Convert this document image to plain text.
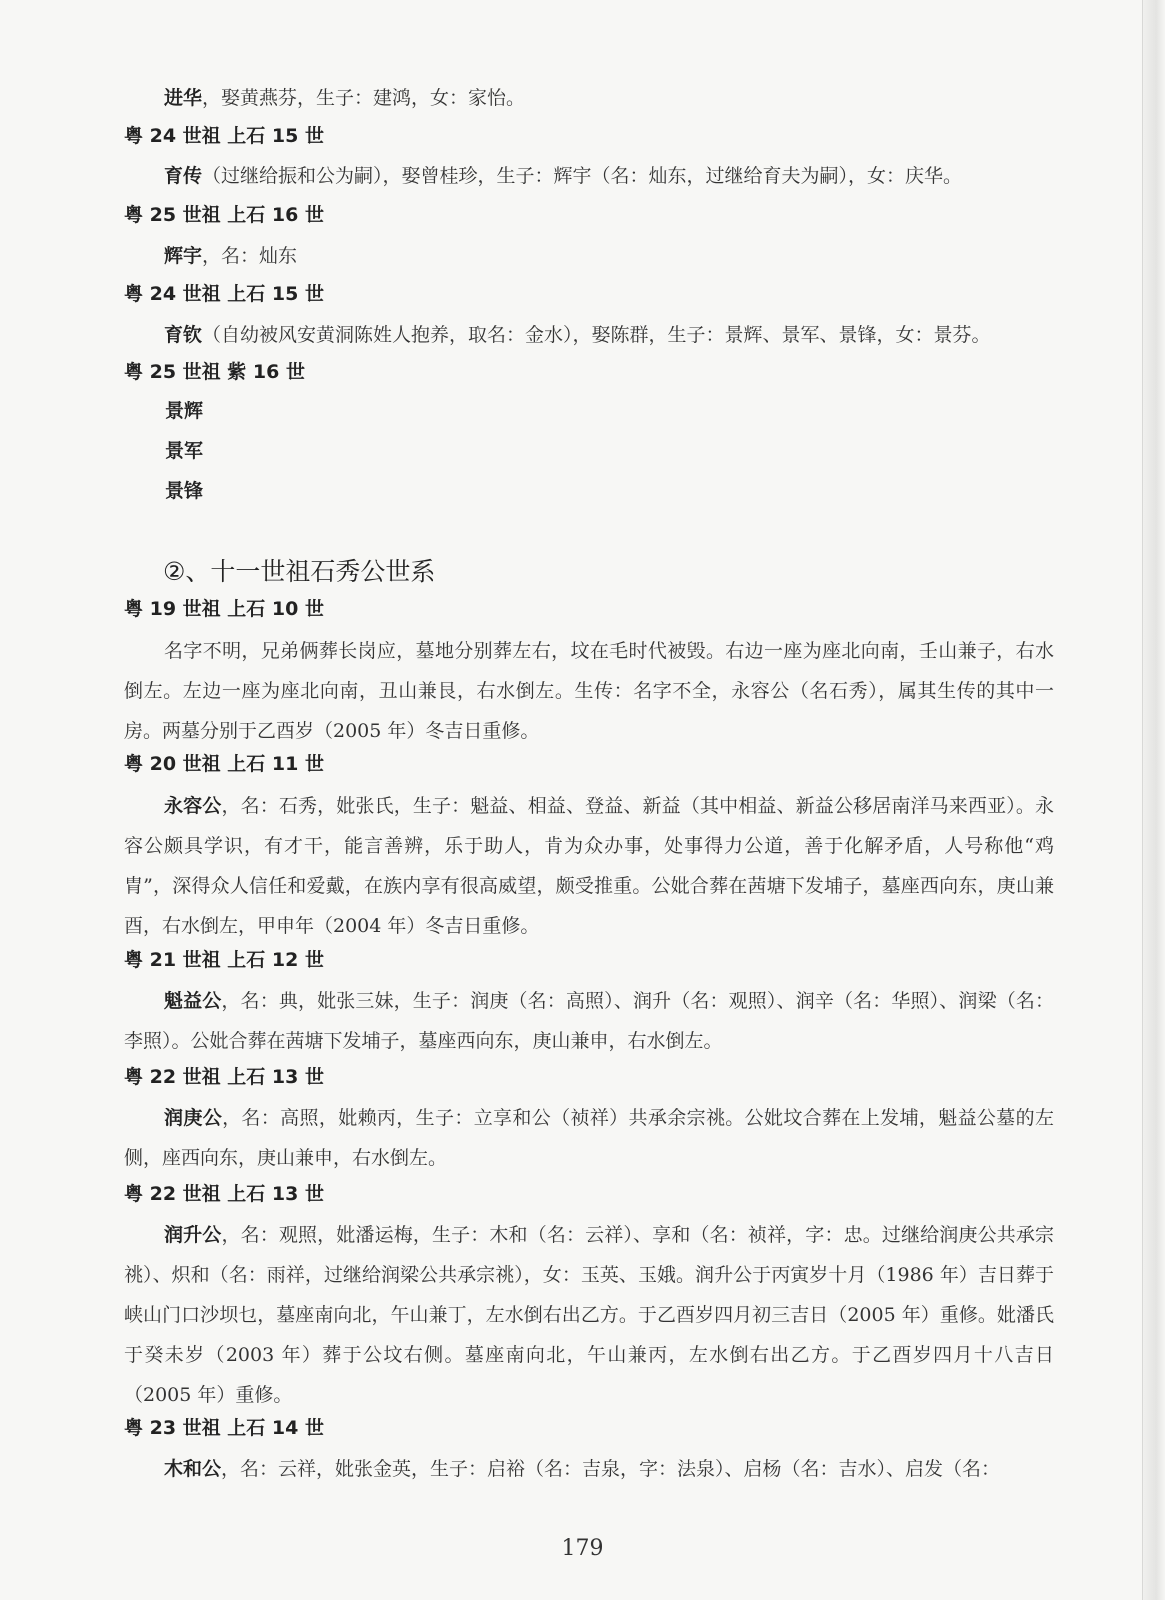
进华，娶黄燕芬，生子：建鸿，女：家怡。

粤 24 世祖 上石 15 世

育传（过继给振和公为嗣），娶曾桂珍，生子：辉宇（名：灿东，过继给育夫为嗣），女：庆华。

粤 25 世祖 上石 16 世

辉宇，名：灿东

粤 24 世祖 上石 15 世

育钦（自幼被风安黄洞陈姓人抱养，取名：金水），娶陈群，生子：景辉、景军、景锋，女：景芬。

粤 25 世祖 紫 16 世
景辉
景军
景锋
②、十一世祖石秀公世系
粤 19 世祖 上石 10 世

名字不明，兄弟俩葬长岗应，墓地分别葬左右，坟在毛时代被毁。右边一座为座北向南，壬山兼子，右水倒左。左边一座为座北向南，丑山兼艮，右水倒左。生传：名字不全，永容公（名石秀），属其生传的其中一房。两墓分别于乙酉岁（2005 年）冬吉日重修。

粤 20 世祖 上石 11 世

永容公，名：石秀，妣张氏，生子：魁益、相益、登益、新益（其中相益、新益公移居南洋马来西亚）。永容公颇具学识，有才干，能言善辨，乐于助人，肯为众办事，处事得力公道，善于化解矛盾，人号称他“鸡胄”，深得众人信任和爱戴，在族内享有很高威望，颇受推重。公妣合葬在茜塘下发埔子，墓座西向东，庚山兼酉，右水倒左，甲申年（2004 年）冬吉日重修。

粤 21 世祖 上石 12 世

魁益公，名：典，妣张三妹，生子：润庚（名：高照）、润升（名：观照）、润辛（名：华照）、润梁（名：李照）。公妣合葬在茜塘下发埔子，墓座西向东，庚山兼申，右水倒左。

粤 22 世祖 上石 13 世

润庚公，名：高照，妣赖丙，生子：立享和公（祯祥）共承余宗祧。公妣坟合葬在上发埔，魁益公墓的左侧，座西向东，庚山兼申，右水倒左。

粤 22 世祖 上石 13 世

润升公，名：观照，妣潘运梅，生子：木和（名：云祥）、享和（名：祯祥，字：忠。过继给润庚公共承宗祧）、炽和（名：雨祥，过继给润梁公共承宗祧），女：玉英、玉娥。润升公于丙寅岁十月（1986 年）吉日葬于峡山门口沙坝乜，墓座南向北，午山兼丁，左水倒右出乙方。于乙酉岁四月初三吉日（2005 年）重修。妣潘氏于癸未岁（2003 年）葬于公坟右侧。墓座南向北，午山兼丙，左水倒右出乙方。于乙酉岁四月十八吉日（2005 年）重修。

粤 23 世祖 上石 14 世

木和公，名：云祥，妣张金英，生子：启裕（名：吉泉，字：法泉）、启杨（名：吉水）、启发（名：

179
